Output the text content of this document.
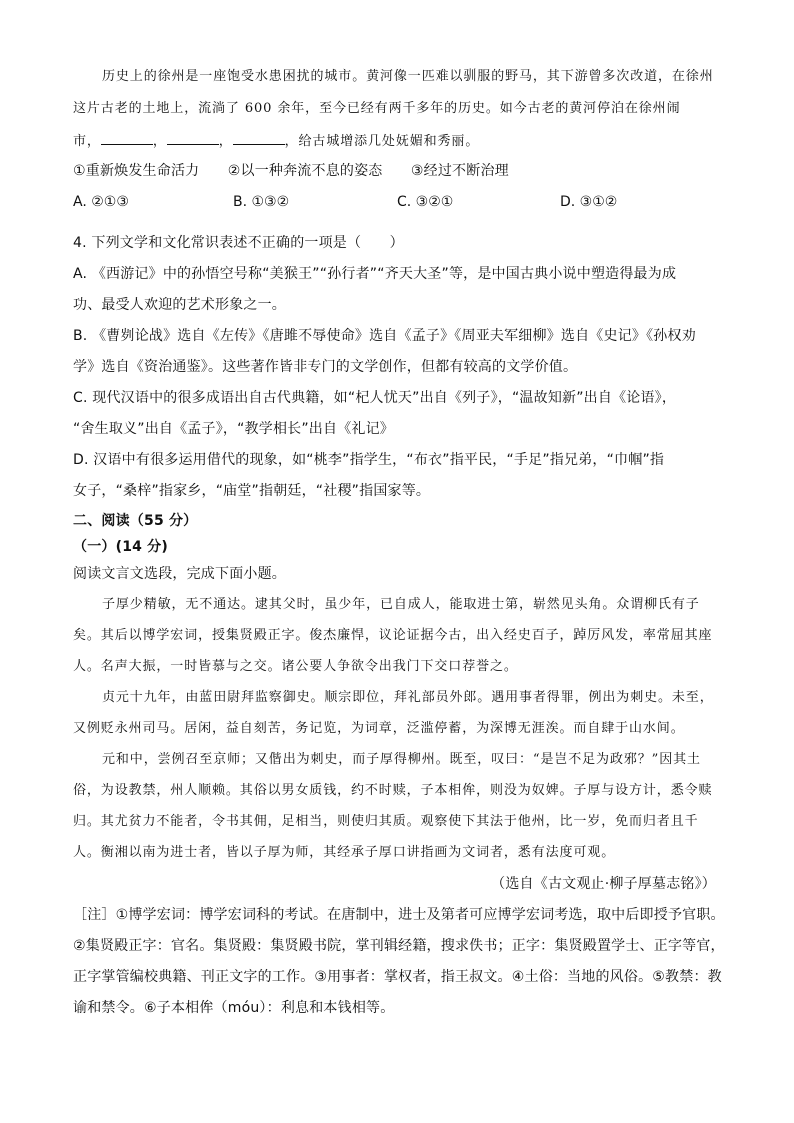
历史上的徐州是一座饱受水患困扰的城市。黄河像一匹难以驯服的野马，其下游曾多次改道，在徐州
这片古老的土地上，流淌了 600 余年，至今已经有两千多年的历史。如今古老的黄河停泊在徐州闹
市，	，	，	，给古城增添几处妩媚和秀丽。
①重新焕发生命活力　　②以一种奔流不息的姿态　　③经过不断治理
A. ②①③	B. ①③②	C. ③②①	D. ③①②
4. 下列文学和文化常识表述不正确的一项是（　　）
A. 《西游记》中的孙悟空号称“美猴王”“孙行者”“齐天大圣”等，是中国古典小说中塑造得最为成
功、最受人欢迎的艺术形象之一。
B. 《曹刿论战》选自《左传》《唐雎不辱使命》选自《孟子》《周亚夫军细柳》选自《史记》《孙权劝
学》选自《资治通鉴》。这些著作皆非专门的文学创作，但都有较高的文学价值。
C. 现代汉语中的很多成语出自古代典籍，如“杞人忧天”出自《列子》，“温故知新”出自《论语》，
“舍生取义”出自《孟子》，“教学相长”出自《礼记》
D. 汉语中有很多运用借代的现象，如“桃李”指学生，“布衣”指平民，“手足”指兄弟，“巾帼”指
女子，“桑梓”指家乡，“庙堂”指朝廷，“社稷”指国家等。
二、阅读（55 分）
（一）(14 分)
阅读文言文选段，完成下面小题。
子厚少精敏，无不通达。逮其父时，虽少年，已自成人，能取进士第，崭然见头角。众谓柳氏有子
矣。其后以博学宏词，授集贤殿正字。俊杰廉悍，议论证据今古，出入经史百子，踔厉风发，率常屈其座
人。名声大振，一时皆慕与之交。诸公要人争欲令出我门下交口荐誉之。
贞元十九年，由蓝田尉拜监察御史。顺宗即位，拜礼部员外郎。遇用事者得罪，例出为刺史。未至，
又例贬永州司马。居闲，益自刻苦，务记览，为词章，泛滥停蓄，为深博无涯涘。而自肆于山水间。
元和中，尝例召至京师；又偕出为刺史，而子厚得柳州。既至，叹曰：“是岂不足为政邪？”因其土
俗，为设教禁，州人顺赖。其俗以男女质钱，约不时赎，子本相侔，则没为奴婢。子厚与设方计，悉令赎
归。其尤贫力不能者，令书其佣，足相当，则使归其质。观察使下其法于他州，比一岁，免而归者且千
人。衡湘以南为进士者，皆以子厚为师，其经承子厚口讲指画为文词者，悉有法度可观。
（选自《古文观止·柳子厚墓志铭》）
［注］①博学宏词：博学宏词科的考试。在唐制中，进士及第者可应博学宏词考选，取中后即授予官职。
②集贤殿正字：官名。集贤殿：集贤殿书院，掌刊辑经籍，搜求佚书；正字：集贤殿置学士、正字等官，
正字掌管编校典籍、刊正文字的工作。③用事者：掌权者，指王叔文。④土俗：当地的风俗。⑤教禁：教
谕和禁令。⑥子本相侔（móu）：利息和本钱相等。
